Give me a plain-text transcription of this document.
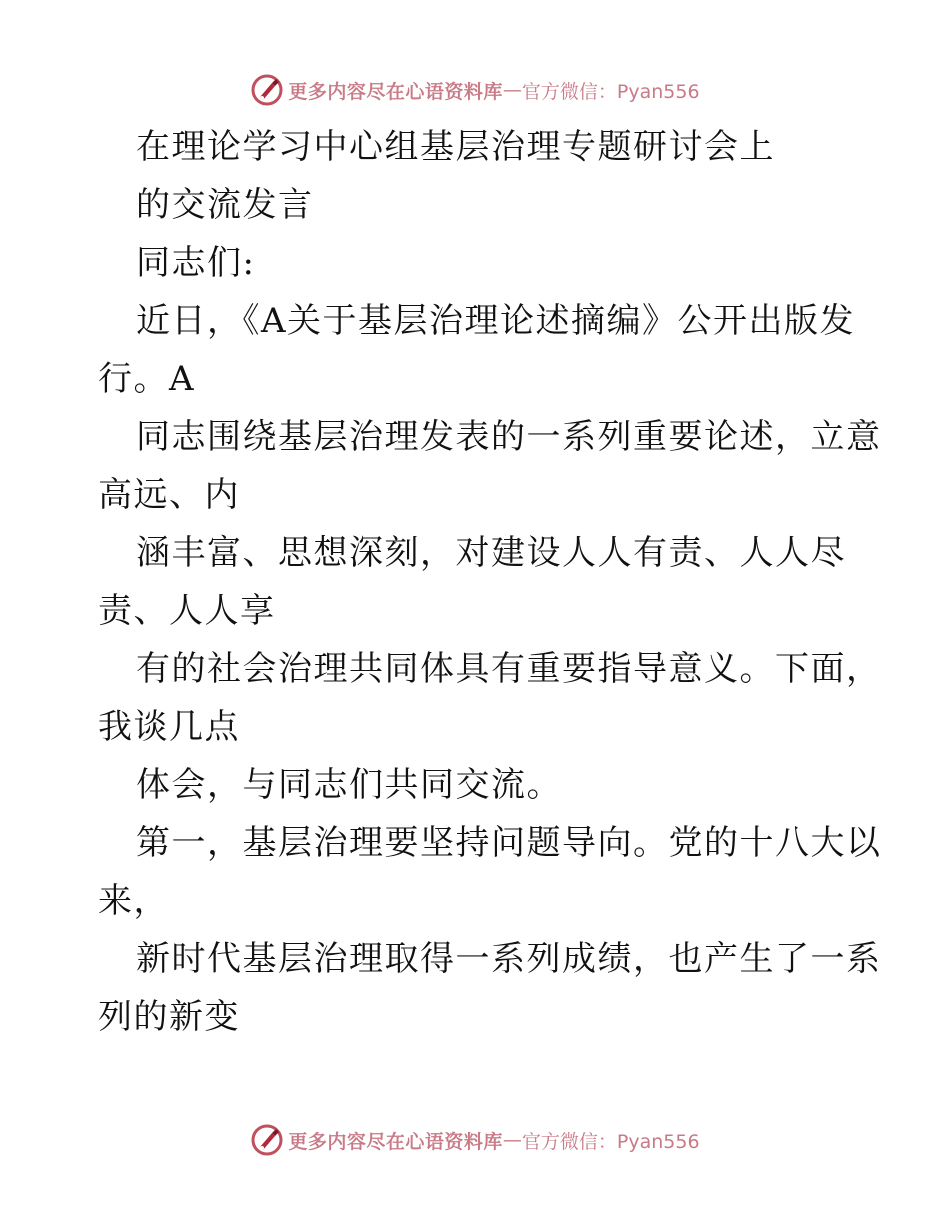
更多内容尽在心语资料库 — 官方微信：Pyan556
在理论学习中心组基层治理专题研讨会上
的交流发言
同志们:
近日，《A关于基层治理论述摘编》公开出版发
行。A
同志围绕基层治理发表的一系列重要论述，立意
高远、内
涵丰富、思想深刻，对建设人人有责、人人尽
责、人人享
有的社会治理共同体具有重要指导意义。下面，
我谈几点
体会，与同志们共同交流。
第一，基层治理要坚持问题导向。党的十八大以
来，
新时代基层治理取得一系列成绩，也产生了一系
列的新变
更多内容尽在心语资料库 — 官方微信：Pyan556
